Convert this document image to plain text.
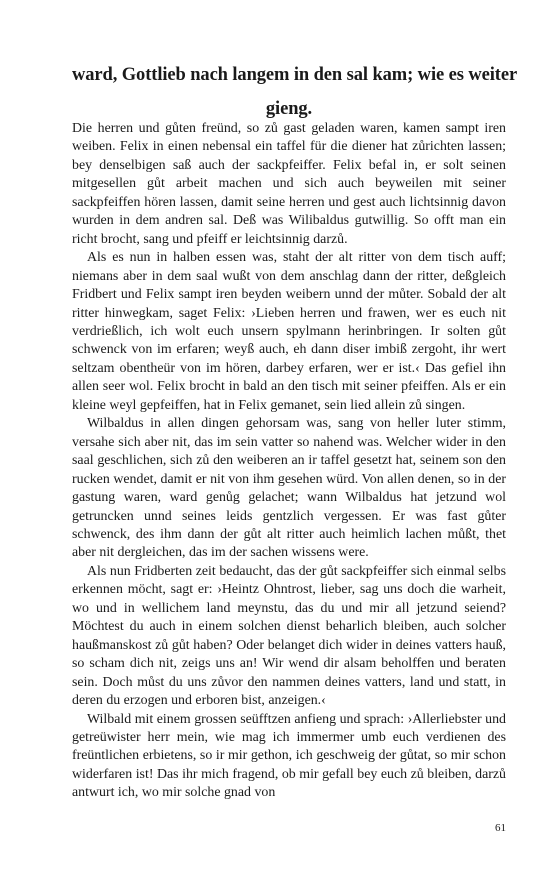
ward, Gottlieb nach langem in den sal kam; wie es weiter
gieng.

Die herren und gůten freünd, so zů gast geladen waren, kamen sampt iren weiben. Felix in einen nebensal ein taffel für die diener hat zůrichten lassen; bey denselbigen saß auch der sackpfeiffer. Felix befal in, er solt seinen mitgesellen gůt arbeit machen und sich auch beyweilen mit seiner sackpfeiffen hören lassen, damit seine herren und gest auch lichtsinnig davon wurden in dem andren sal. Deß was Wilibaldus gutwillig. So offt man ein richt brocht, sang und pfeiff er leichtsinnig darzů.

Als es nun in halben essen was, staht der alt ritter von dem tisch auff; niemans aber in dem saal wußt von dem anschlag dann der ritter, deßgleich Fridbert und Felix sampt iren beyden weibern unnd der můter. Sobald der alt ritter hinwegkam, saget Felix: ›Lieben herren und frawen, wer es euch nit verdrießlich, ich wolt euch unsern spylmann herinbringen. Ir solten gůt schwenck von im erfaren; weyß auch, eh dann diser imbiß zergoht, ihr wert seltzam obentheür von im hören, darbey erfaren, wer er ist.‹ Das gefiel ihn allen seer wol. Felix brocht in bald an den tisch mit seiner pfeiffen. Als er ein kleine weyl gepfeiffen, hat in Felix gemanet, sein lied allein zů singen.

Wilbaldus in allen dingen gehorsam was, sang von heller luter stimm, versahe sich aber nit, das im sein vatter so nahend was. Welcher wider in den saal geschlichen, sich zů den weiberen an ir taffel gesetzt hat, seinem son den rucken wendet, damit er nit von ihm gesehen würd. Von allen denen, so in der gastung waren, ward genůg gelachet; wann Wilbaldus hat jetzund wol getruncken unnd seines leids gentzlich vergessen. Er was fast gůter schwenck, des ihm dann der gůt alt ritter auch heimlich lachen můßt, thet aber nit dergleichen, das im der sachen wissens were.

Als nun Fridberten zeit bedaucht, das der gůt sackpfeiffer sich einmal selbs erkennen möcht, sagt er: ›Heintz Ohntrost, lieber, sag uns doch die warheit, wo und in wellichem land meynstu, das du und mir all jetzund seiend? Möchtest du auch in einem solchen dienst beharlich bleiben, auch solcher haußmanskost zů gůt haben? Oder belanget dich wider in deines vatters hauß, so scham dich nit, zeigs uns an! Wir wend dir alsam beholffen und beraten sein. Doch můst du uns zůvor den nammen deines vatters, land und statt, in deren du erzogen und erboren bist, anzeigen.‹

Wilbald mit einem grossen seüfftzen anfieng und sprach: ›Allerliebster und getreüwister herr mein, wie mag ich immermer umb euch verdienen des freüntlichen erbietens, so ir mir gethon, ich geschweig der gůtat, so mir schon widerfaren ist! Das ihr mich fragend, ob mir gefall bey euch zů bleiben, darzů antwurt ich, wo mir solche gnad von

61
